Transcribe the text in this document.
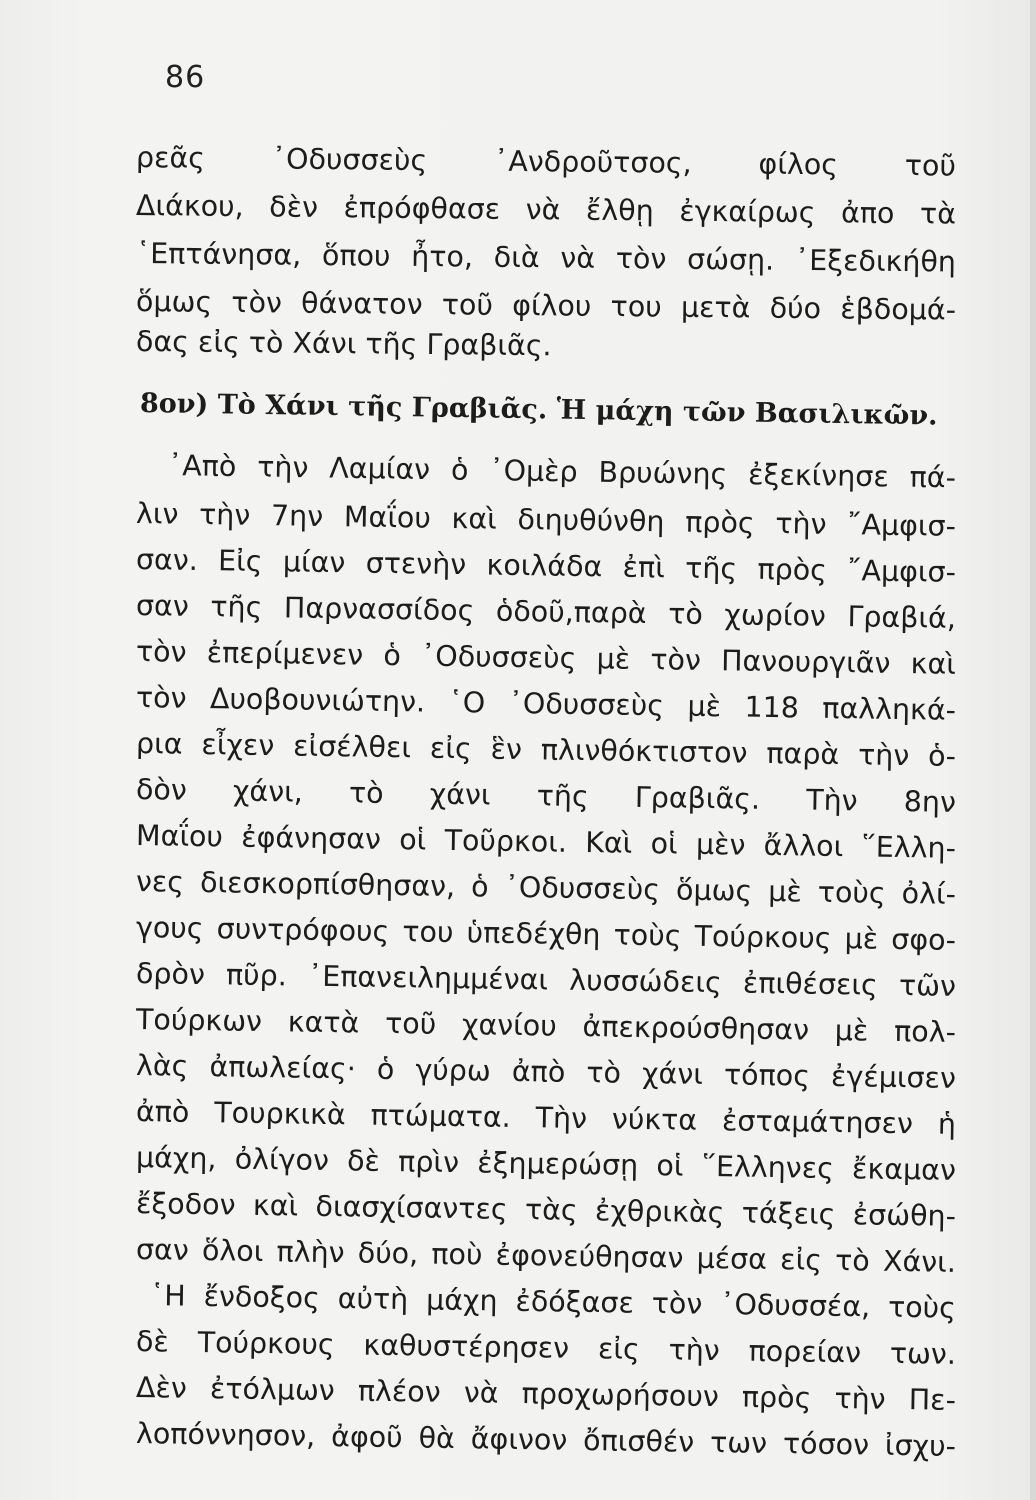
86
ρεᾶς ᾿Οδυσσεὺς ᾿Ανδροῦτσος, φίλος τοῦ
Διάκου, δὲν ἐπρόφθασε νὰ ἔλθῃ ἐγκαίρως ἀπο τὰ
῾Επτάνησα, ὅπου ἦτο, διὰ νὰ τὸν σώσῃ. ᾿Εξεδικήθη
ὅμως τὸν θάνατον τοῦ φίλου του μετὰ δύο ἑβδομά-
δας εἰς τὸ Χάνι τῆς Γραβιᾶς.
8ον) Τὸ Χάνι τῆς Γραβιᾶς. Ἡ μάχη τῶν Βασιλικῶν.
᾿Απὸ τὴν Λαμίαν ὁ ᾿Ομὲρ Βρυώνης ἐξεκίνησε πά-
λιν τὴν 7ην Μαΐου καὶ διηυθύνθη πρὸς τὴν ῎Αμφισ-
σαν. Εἰς μίαν στενὴν κοιλάδα ἐπὶ τῆς πρὸς ῎Αμφισ-
σαν τῆς Παρνασσίδος ὁδοῦ,παρὰ τὸ χωρίον Γραβιά,
τὸν ἐπερίμενεν ὁ ᾿Οδυσσεὺς μὲ τὸν Πανουργιᾶν καὶ
τὸν Δυοβουνιώτην. ῾Ο ᾿Οδυσσεὺς μὲ 118 παλληκά-
ρια εἶχεν εἰσέλθει εἰς ἓν πλινθόκτιστον παρὰ τὴν ὁ-
δὸν χάνι, τὸ χάνι τῆς Γραβιᾶς. Τὴν 8ην
Μαΐου ἐφάνησαν οἱ Τοῦρκοι. Καὶ οἱ μὲν ἄλλοι ῞Ελλη-
νες διεσκορπίσθησαν, ὁ ᾿Οδυσσεὺς ὅμως μὲ τοὺς ὀλί-
γους συντρόφους του ὑπεδέχθη τοὺς Τούρκους μὲ σφο-
δρὸν πῦρ. ᾿Επανειλημμέναι λυσσώδεις ἐπιθέσεις τῶν
Τούρκων κατὰ τοῦ χανίου ἀπεκρούσθησαν μὲ πολ-
λὰς ἀπωλείας· ὁ γύρω ἀπὸ τὸ χάνι τόπος ἐγέμισεν
ἀπὸ Τουρκικὰ πτώματα. Τὴν νύκτα ἐσταμάτησεν ἡ
μάχη, ὀλίγον δὲ πρὶν ἐξημερώσῃ οἱ ῞Ελληνες ἔκαμαν
ἔξοδον καὶ διασχίσαντες τὰς ἐχθρικὰς τάξεις ἐσώθη-
σαν ὅλοι πλὴν δύο, ποὺ ἐφονεύθησαν μέσα εἰς τὸ Χάνι.
῾Η ἔνδοξος αὐτὴ μάχη ἐδόξασε τὸν ᾿Οδυσσέα, τοὺς
δὲ Τούρκους καθυστέρησεν εἰς τὴν πορείαν των.
Δὲν ἐτόλμων πλέον νὰ προχωρήσουν πρὸς τὴν Πε-
λοπόννησον, ἀφοῦ θὰ ἄφινον ὄπισθέν των τόσον ἰσχυ-
